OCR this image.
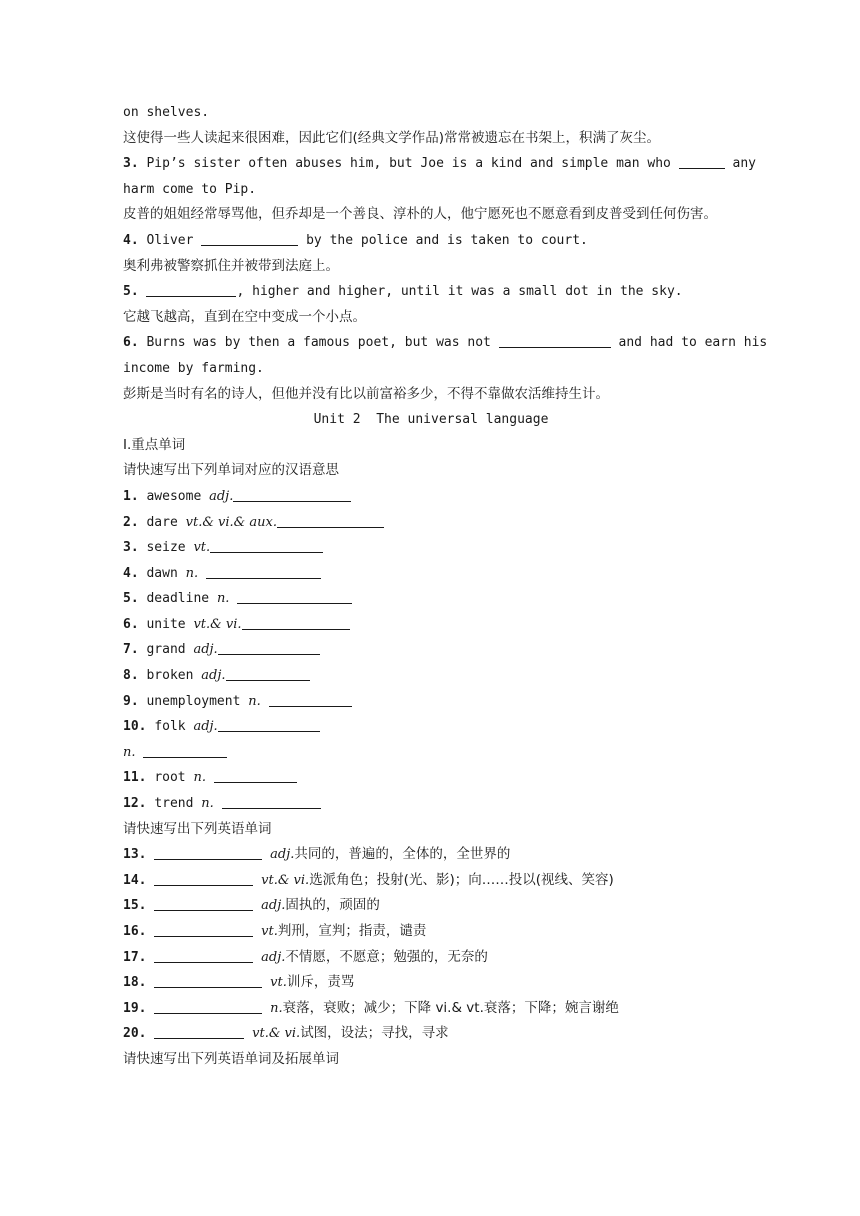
on shelves.
这使得一些人读起来很困难，因此它们(经典文学作品)常常被遗忘在书架上，积满了灰尘。
3. Pip’s sister often abuses him, but Joe is a kind and simple man who	any
harm come to Pip.
皮普的姐姐经常辱骂他，但乔却是一个善良、淳朴的人，他宁愿死也不愿意看到皮普受到任何伤害。
4. Oliver	by the police and is taken to court.
奥利弗被警察抓住并被带到法庭上。
5.	, higher and higher, until it was a small dot in the sky.
它越飞越高，直到在空中变成一个小点。
6. Burns was by then a famous poet, but was not	and had to earn his
income by farming.
彭斯是当时有名的诗人，但他并没有比以前富裕多少，不得不靠做农活维持生计。
Unit 2  The universal language
Ⅰ.重点单词
请快速写出下列单词对应的汉语意思
1. awesome adj.
2. dare vt.& vi.& aux.
3. seize vt.
4. dawn n.
5. deadline n.
6. unite vt.& vi.
7. grand adj.
8. broken adj.
9. unemployment n.
10. folk adj.
n.
11. root n.
12. trend n.
请快速写出下列英语单词
13.	adj.共同的，普遍的，全体的，全世界的
14.	vt.& vi.选派角色；投射(光、影)；向……投以(视线、笑容)
15.	adj.固执的，顽固的
16.	vt.判刑，宣判；指责，谴责
17.	adj.不情愿，不愿意；勉强的，无奈的
18.	vt.训斥，责骂
19.	n.衰落，衰败；减少；下降 vi.& vt.衰落；下降；婉言谢绝
20.	vt.& vi.试图，设法；寻找，寻求
请快速写出下列英语单词及拓展单词
